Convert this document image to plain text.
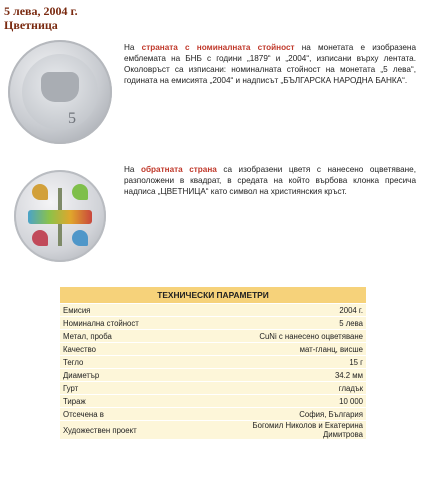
5 лева, 2004 г.
Цветница
5
На страната с номиналната стойност на монетата е изобразена емблемата на БНБ с години „1879“ и „2004“, изписани върху лентата. Околовръст са изписани: номиналната стойност на монетата „5 лева“, годината на емисията „2004“ и надписът „БЪЛГАРСКА НАРОДНА БАНКА“.
На обратната страна са изобразени цветя с нанесено оцветяване, разположени в квадрат, в средата на който върбова клонка пресича надписа „ЦВЕТНИЦА“ като символ на християнския кръст.
ТЕХНИЧЕСКИ ПАРАМЕТРИ	
Емисия	2004 г.
Номинална стойност	5 лева
Метал, проба	CuNi с нанесено оцветяване
Качество	мат-гланц, висше
Тегло	15 г
Диаметър	34.2 мм
Гурт	гладък
Тираж	10 000
Отсечена в	София, България
Художествен проект	Богомил Николов и Екатерина Димитрова
